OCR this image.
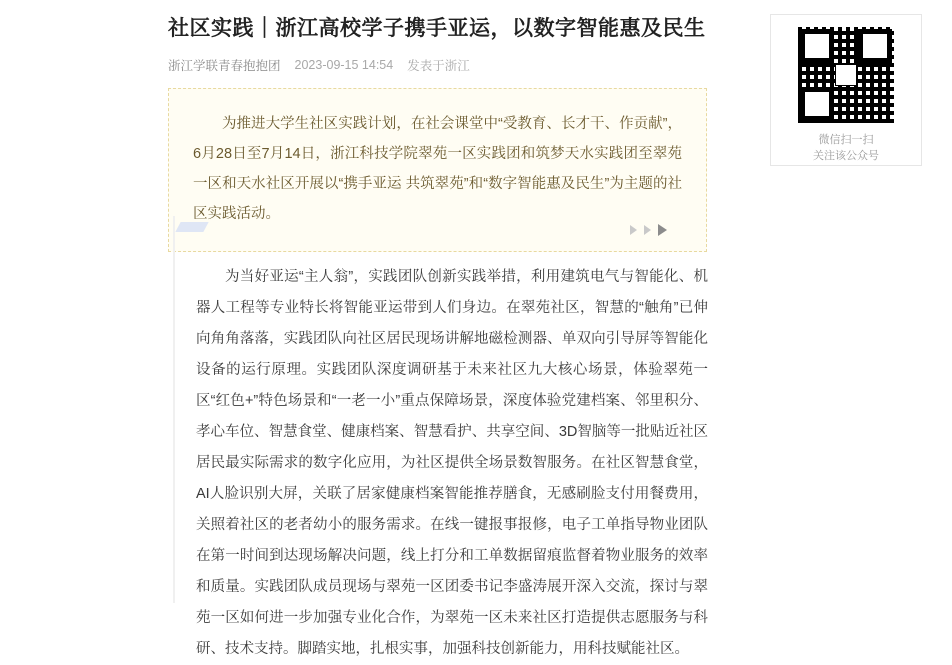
社区实践｜浙江高校学子携手亚运，以数字智能惠及民生
浙江学联青春抱抱团 2023-09-15 14:54 发表于浙江
微信扫一扫
关注该公众号
为推进大学生社区实践计划，在社会课堂中“受教育、长才干、作贡献”，6月28日至7月14日，浙江科技学院翠苑一区实践团和筑梦天水实践团至翠苑一区和天水社区开展以“携手亚运 共筑翠苑”和“数字智能惠及民生”为主题的社区实践活动。
为当好亚运“主人翁”，实践团队创新实践举措，利用建筑电气与智能化、机器人工程等专业特长将智能亚运带到人们身边。在翠苑社区，智慧的“触角”已伸向角角落落，实践团队向社区居民现场讲解地磁检测器、单双向引导屏等智能化设备的运行原理。实践团队深度调研基于未来社区九大核心场景，体验翠苑一区“红色+”特色场景和“一老一小”重点保障场景，深度体验党建档案、邻里积分、孝心车位、智慧食堂、健康档案、智慧看护、共享空间、3D智脑等一批贴近社区居民最实际需求的数字化应用，为社区提供全场景数智服务。在社区智慧食堂，AI人脸识别大屏，关联了居家健康档案智能推荐膳食，无感刷脸支付用餐费用，关照着社区的老者幼小的服务需求。在线一键报事报修，电子工单指导物业团队在第一时间到达现场解决问题，线上打分和工单数据留痕监督着物业服务的效率和质量。实践团队成员现场与翠苑一区团委书记李盛涛展开深入交流，探讨与翠苑一区如何进一步加强专业化合作，为翠苑一区未来社区打造提供志愿服务与科研、技术支持。脚踏实地，扎根实事，加强科技创新能力，用科技赋能社区。
